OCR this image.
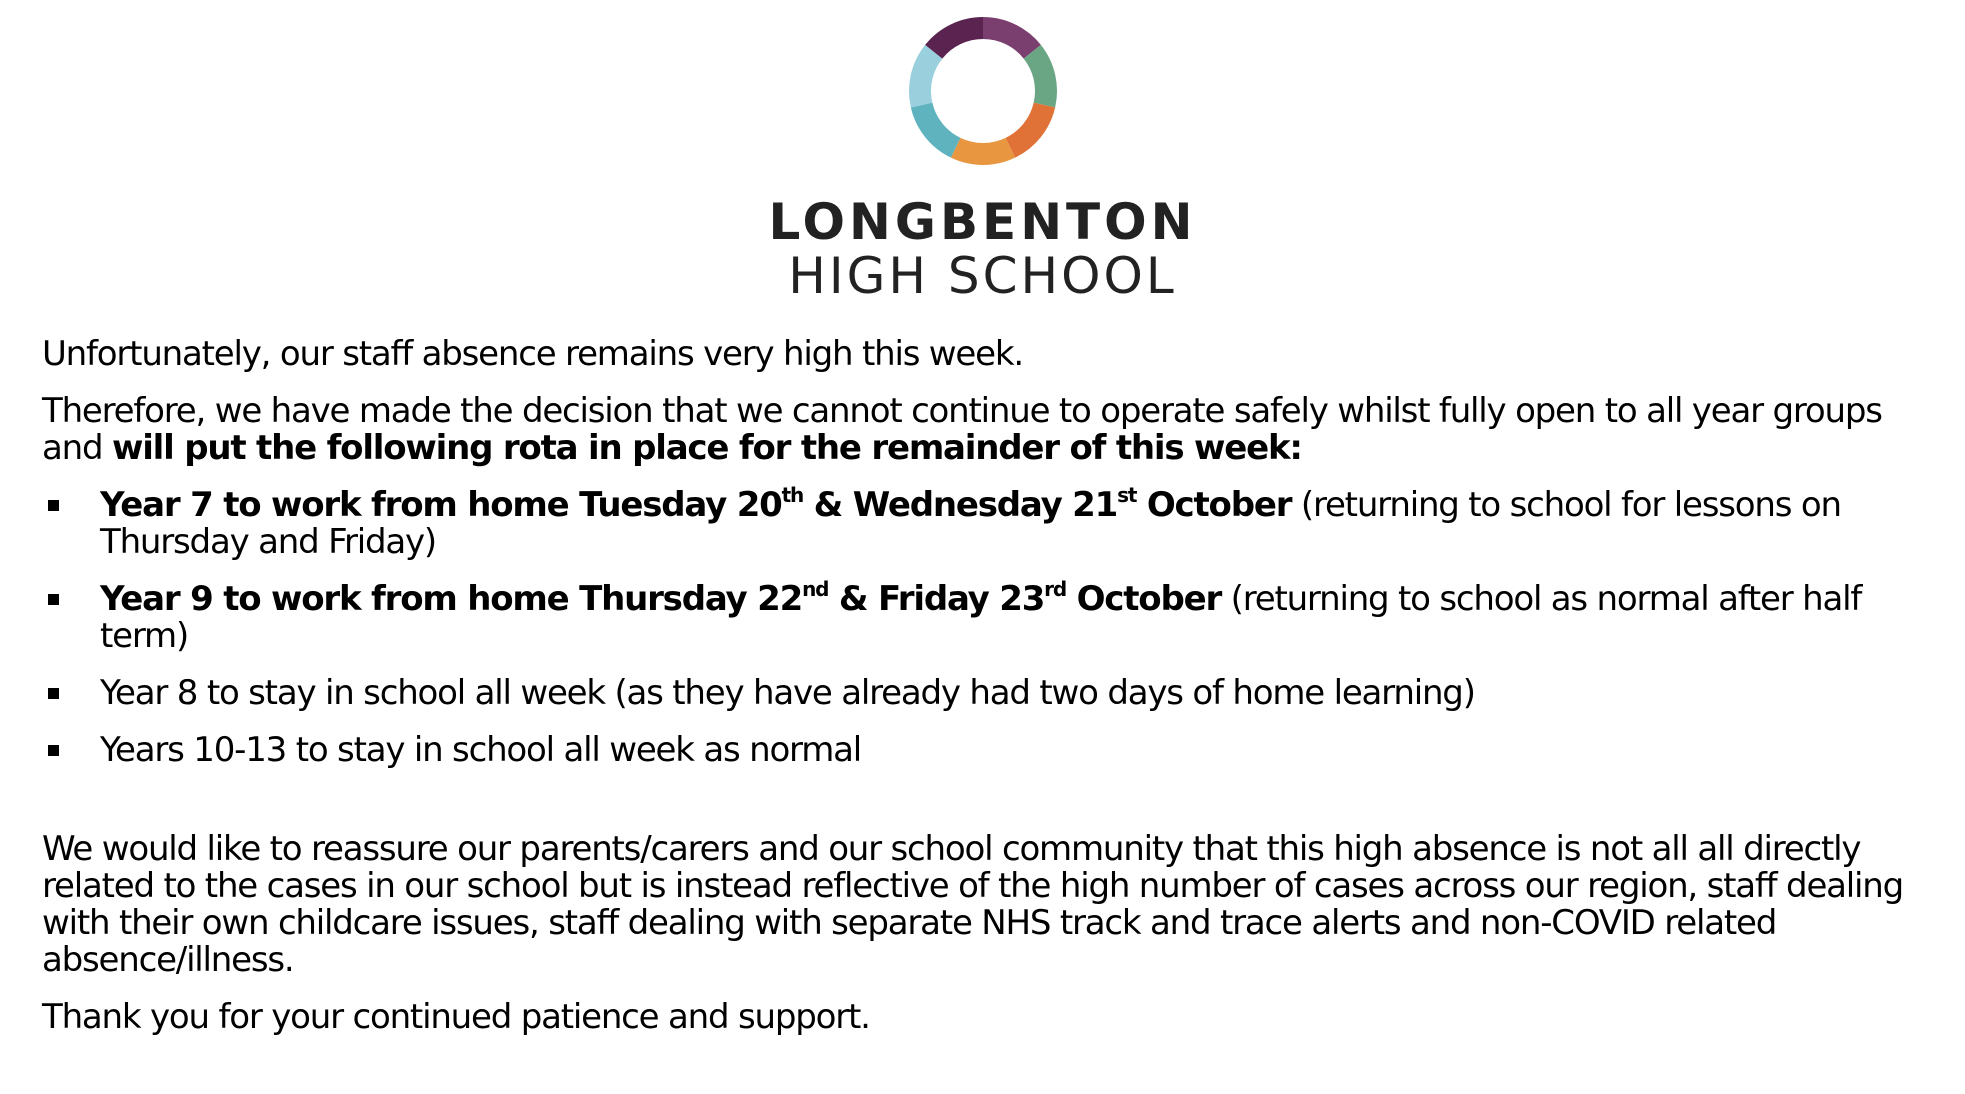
LONGBENTON
HIGH SCHOOL

Unfortunately, our staff absence remains very high this week.

Therefore, we have made the decision that we cannot continue to operate safely whilst fully open to all year groups and will put the following rota in place for the remainder of this week:

Year 7 to work from home Tuesday 20th & Wednesday 21st October (returning to school for lessons on Thursday and Friday)
Year 9 to work from home Thursday 22nd & Friday 23rd October (returning to school as normal after half term)
Year 8 to stay in school all week (as they have already had two days of home learning)
Years 10-13 to stay in school all week as normal

We would like to reassure our parents/carers and our school community that this high absence is not all all directly related to the cases in our school but is instead reflective of the high number of cases across our region, staff dealing with their own childcare issues, staff dealing with separate NHS track and trace alerts and non-COVID related absence/illness.

Thank you for your continued patience and support.
